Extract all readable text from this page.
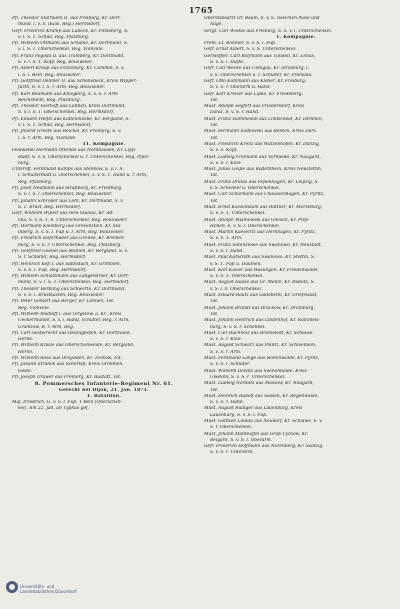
1765
Pfl. Theodor Starmann II. aus Freiburg, Kr. Dort-
mund, l. v. S. (Kais. Reg.) Hermsdorf.
Gefr. Friedrich Kramp aus Lübeck, Kr. Pinneberg, S.
v. l. S. 1. Schild, Reg. Pfalzburg.
Pfl. Wilhelm Ottmann aus Schalke, Kr. Dortmund, S.
v. l. S. 1. Oberschenkel, Reg. Vionville.
Pfl. Franz Pogoda II. aus Tramberg, Kr. Dortmund,
S. v. l. S. 1. Kopf, Reg. Bouxwiller.
Pfl. Albert Krauß aus Franzburg, Kr. Cammin, S. v.
l. S. l. Bein, Reg. Bouxwiller.
Pfl. Gottfried Dehmer II. aus Schönebeck, Kreis Wipper-
fürth, S. v. l. S. r. Arm, Reg. Bouxwiller.
Pfl. Karl Reumann aus Kniegbirg, S. v. S. r. Arm
Reichsheim, Reg. Pfalzburg.
Pfl. Theodor Eierhoff aus Lübben, Kreis Dortmund,
S. v. l. S. 1. Oberschenkel, Reg. Hermsdorf.
Pfl. Eduard Pleifel aus Kaltenmosbe, Kr. Bergland, S.
v. l. S. 1. Schild, Reg. Hermsdorf.
Pfl. Jhiarid Groote aus Reichel, Kr. Freiburg, S. v.
l. S. r. Arm, Reg. Vionville.
11. Kompagnie.
Feldwebel Hermann Ottonde aus Nordhausen, Kr. Lipp-
stadt, S. v. S. Oberschenkel u. r. Unterschenkel, Reg. Pfalz-
burg.
Unteroff. Ferdinand Kamps aus Stenkow, S. v. l. S.
l. Schulterblatt u. Oberschenkel, s. v. S. 1. Hand u. r. Arm,
Reg. Pfalzburg.
Pfl. Josef Neumann aus Straßburg, Kr. Friedburg,
S. v. l. S. l. Oberschenkel, Reg. Bouxwiller.
Pfl. Johann Schröder aus Leth, Kr. Dortmund, S. v.
S. 1. Brust, Reg. Hermsdorf.
Gefr. Wilhelm Wißler aus Neu-Studau, Kr. Alt-
ona, S. v. S. 1. b. Unterschenkel, Reg. Bouxwiller.
Pfl. Hermann Kleinberg aus Grevenstein, Kr. Sta-
inberg, S. v. S. l. Fuß u. r. Arm, Reg. Bouxwiller.
Pfl. Friedrich Hoferhüber aus Grenne, Kr. Bremen-
burg, S. v. S. r. Unterschenkel, Reg. Pfalzburg.
Pfl. Gottfried Goebel aus Mühlen, Kr. Bergland, S. v.
S. r. Schulter, Reg. Hermsdorf.
Pfl. Heinrich Keß I. aus Salbedach, Kr. Grimmen,
S. v. S. l. Fuß, Reg. Hermsdorf.
Pfl. Wilhelm Schlattmann aus Langendreer, Kr. Dort-
mund, S. v. l. S. 1. Oberschenkel, Reg. Hermsdorf.
Pfl. Theodor Berkling aus Schwerte, Kr. Dortmund,
S. v. S. l. Brustkasten, Reg. Bouxwiller.
Pfl. Peter Gehlert aus Berger, Kr. Lehnen, Tot.
Reg. Vionville.
Pfl. Wilhelm Madloff I. aus Torgelow, a. Kr., Kreis
Ueckermünde, S. v. l. Hand, Schulter, Reg. r. Arm,
Gramzow, R. r. Arm, Reg.
Pfl. Carl Gestelrecht aus Deilinghofen, Kr. Dortmund,
Herne.
Pfl. Wilhelm Krasle aus Oberschönweide, Kr. Bergland,
Herne.
Pfl. Wilhelm Rose aus Dreysiden, Kr. Teckow, Tot.
Pfl. Johann Strunck aus Scherleß, Kreis Grimmen,
Geste.
Pfl. Joseph Drawer aus Freiberg, Kr. Rastatt, Tot.
8. Pommersches Infanterie-Regiment Nr. 61.
Gefecht bei Dijon, 21. Jan. 1871.
1. Bataillon.
Maj. Friedrich, G. v. S. l. Fuß, 1 Bein (Oberschen-
kel). Am 22. Jan. an Typhus gef.
Oberstabsarzt Dr. Baum, S. v. S. zwischen Nase und
Auge.
Sergt. Carl Wiekle aus Freiburg, S. S. v. l. Unterschenkel.
1. Kompagnie.
Prem.-Lt. Böhmer, S. v. S. l. Fuß.
Gefr. Ernst Albert, S. v. S. Unterschenkel.
Gerneiffler. Carl Rolfmann aus Tundell, Kr. Lebus,
S. v. S. l. Hüfte.
Gefr. Carl Wecke aus Uebigau, Kr. Strasburg, l.
v. S. Oberschenkel u. r. Schulter, Kr. Prenzlau.
Gefr. Otto Kohlmann aus Kleber, Kr. Freiburg,
S. v. S. r. Oberarm u. Hand.
Gefr. Karl Kreiser aus Lipke, Kr. Friedeberg.
Tot.
Must. Adolph Seyfert aus Friedersdorf, Kreis
Daniz, S. v. S. r. Hand.
Must. Franz Hammeslin aus Lindscheid, Kr. Demmin,
Tot.
Must. Hermann Sadlowski aus Bonten, Kreis Darz.
Tot.
Must. Friedrich Krenz aus Watzenhofen, Kr. Danzig,
S. v. S. Kopf.
Must. Ludwig Freimann aus Vormeide, Kr. Naugard,
S. v. S. r. Knie.
Must. Julius Geiße aus Radenthein, Kreis Neustettin,
Tot.
Must. Franz Dratas aus Pepenhagen, Kr. Leipzig, S.
v. S. Schenkel u. Oberschenkel.
Must. Carl Schiemann aus Chaussenhagen, Kr. Pyritz,
Tot.
Must. Ernst Kasselbaum aus Ruttner, Kr. Merseburg,
S. v. S. 1. Unterschenkel.
Must. Adolph Wiamowski aus Gnesen, Kr. Pleß-
Hohen, S. v. S. l. Oberschenkel.
Must. Martin Kaeseritz aus Dörnhagen, Kr. Pyritz,
S. v. S. 1. Arm.
Must. Franz Sotenzlöwe aus Swanowo, Kr. Neustadt,
S. v. S. l. Hand.
Must. Paul Kamsrath aus Swanowo, Kr. Stettin, S.
v. S. 1. Fuß u. Daumen.
Must. Karl Kaiser aus Wasungen, Kr. Friedenwalde,
S. v. S. 1. Oberschenkel.
Must. August Haase aus Gr. Mellin, Kr. Bublitz, S.
v. S. l. b. Oberschenkel.
Must. Eduard Bautz aus Gadebehn, Kr. Greifswald,
Tot.
Must. Johann Brandt aus Brückow, Kr. Dramburg,
Tot.
Must. Johann Heinrich aus Lindenhof, Kr. Rummels-
burg, S. v. S. r. Schenkel.
Must. Carl Buchholz aus Bramstedt, Kr. Schlawe,
S. v. S. r. Knie.
Must. August Schwarz aus Pöllitz, Kr. Schivelbein,
S. v. S. r. Arm.
Must. Ferdinand Lange aus Hohenwalde, Kr. Pyritz,
S. v. S. l. Schulter.
Must. Wilhelm Dawitz aus Swinemünde, Kreis
Usedom, S. v. S. r. Unterschenkel.
Must. Ludwig Nordahl aus Massow, Kr. Naugard,
Tot.
Must. Heinrich Rudolf aus Sassen, Kr. Regenwalde,
S. v. S. r. Hand.
Must. August Rüdiger aus Lauenburg, Kreis
Lauenburg, S. v. S. l. Fuß.
Must. Gottlieb Lindau aus Neudorf, Kr. Schlawe, S. v.
S. r. Oberschenkel.
Must. Johann Manteuffel aus Groß-Tychow, Kr.
Belgard, S. v. S. l. Oberarm.
Gefr. Friedrich Hoffmann aus Nörenberg, Kr. Saatzig,
S. v. S. r. Unterarm.
Universitäts- und
Landesbibliothek Düsseldorf
